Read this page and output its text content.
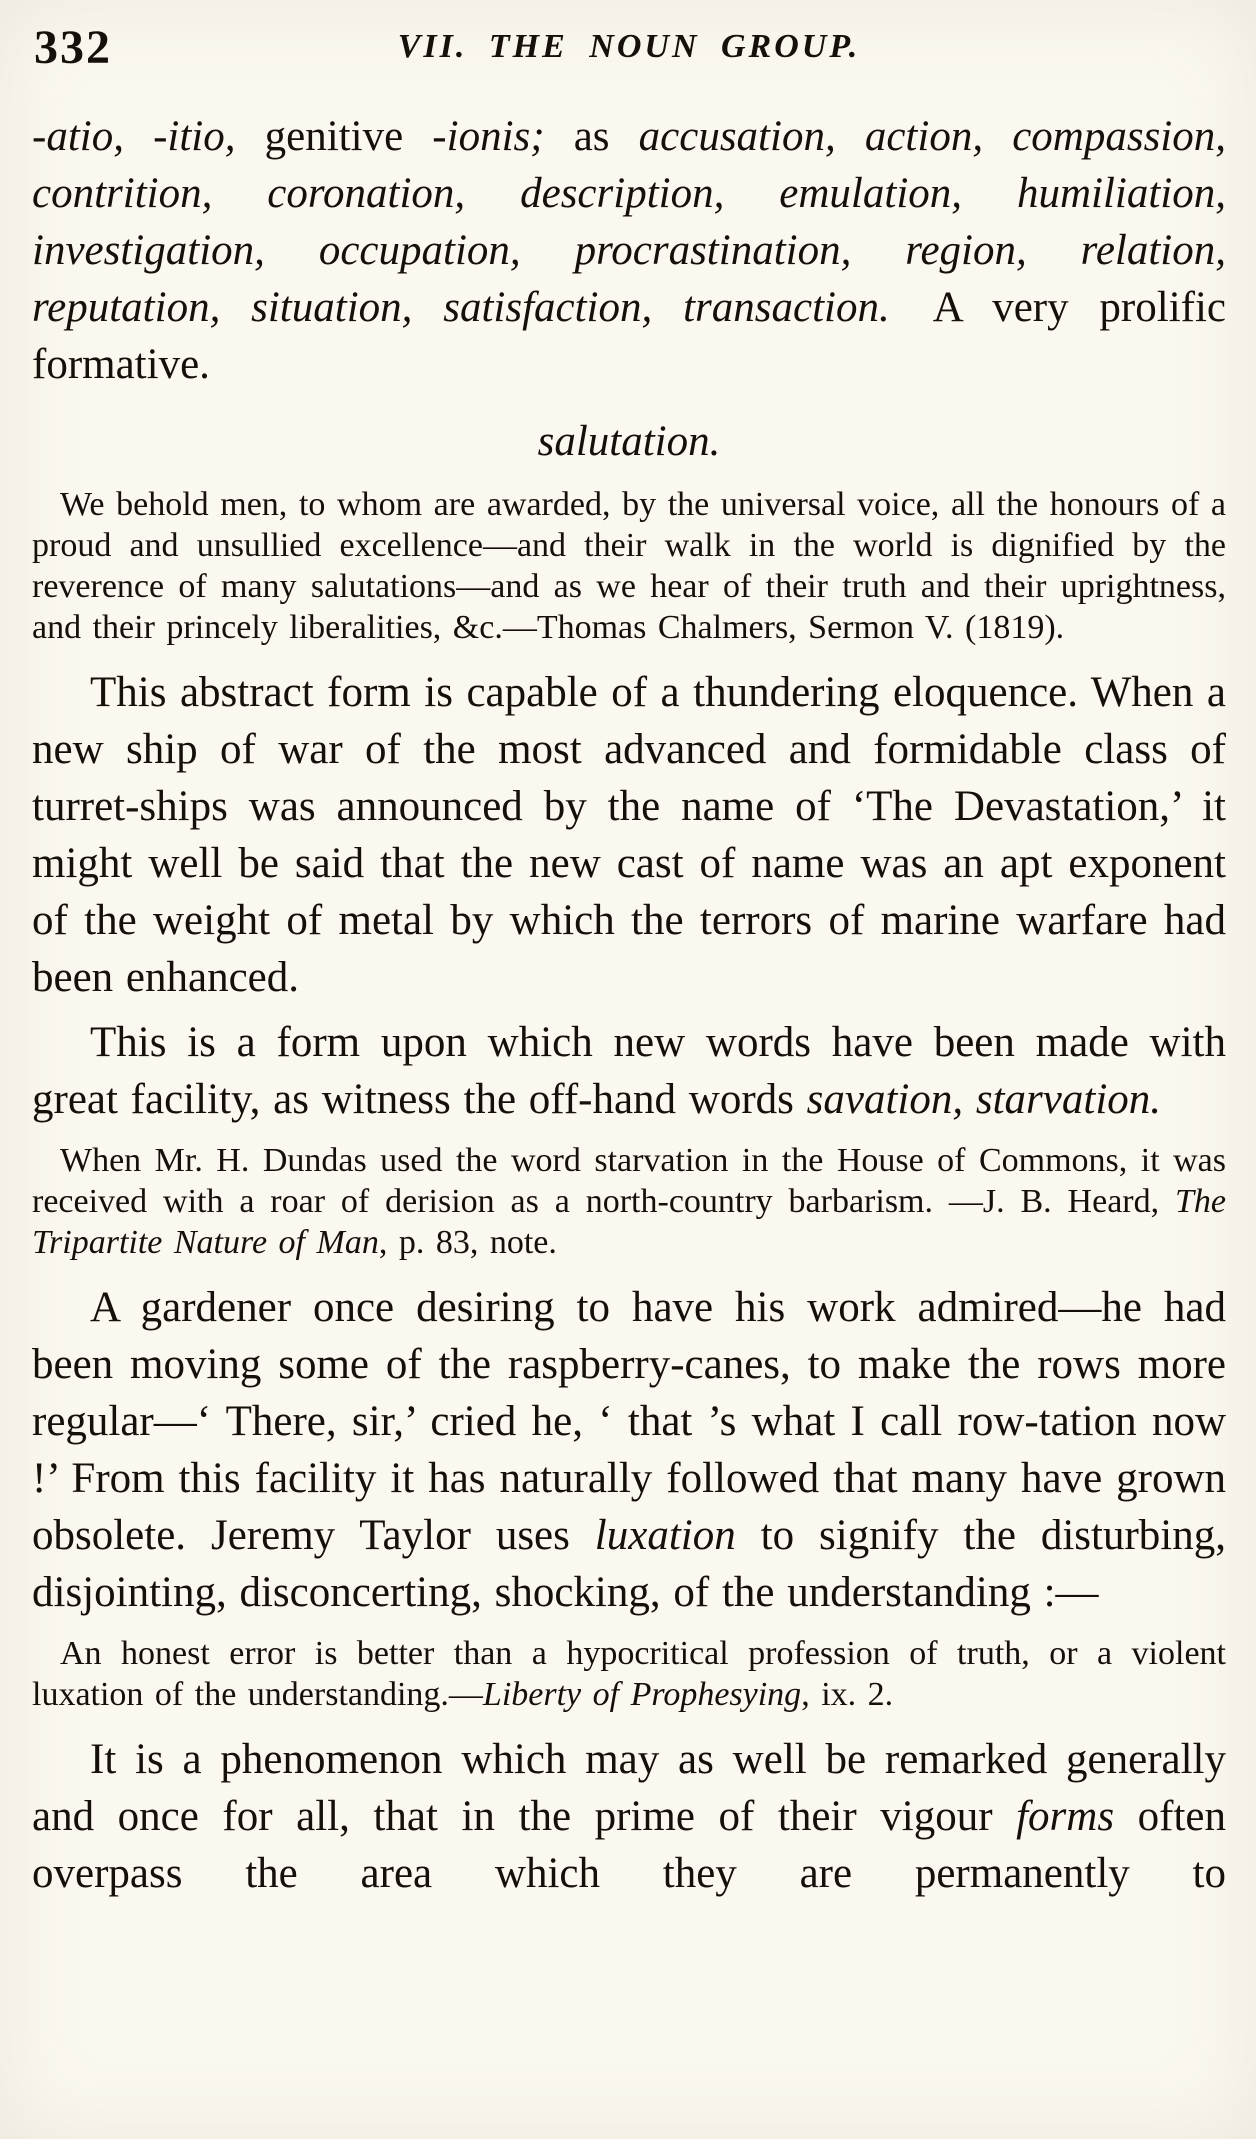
332	VII. THE NOUN GROUP.

-atio, -itio, genitive -ionis; as accusation, action, compassion, contrition, coronation, description, emulation, humiliation, investigation, occupation, procrastination, region, relation, reputation, situation, satisfaction, transaction. A very prolific formative.

salutation.

We behold men, to whom are awarded, by the universal voice, all the honours of a proud and unsullied excellence—and their walk in the world is dignified by the reverence of many salutations—and as we hear of their truth and their uprightness, and their princely liberalities, &c.—Thomas Chalmers, Sermon V. (1819).

This abstract form is capable of a thundering eloquence. When a new ship of war of the most advanced and formidable class of turret-ships was announced by the name of ‘The Devastation,’ it might well be said that the new cast of name was an apt exponent of the weight of metal by which the terrors of marine warfare had been enhanced.

This is a form upon which new words have been made with great facility, as witness the off-hand words savation, starvation.

When Mr. H. Dundas used the word starvation in the House of Commons, it was received with a roar of derision as a north-country barbarism. —J. B. Heard, The Tripartite Nature of Man, p. 83, note.

A gardener once desiring to have his work admired—he had been moving some of the raspberry-canes, to make the rows more regular—‘ There, sir,’ cried he, ‘ that ’s what I call row-tation now !’ From this facility it has naturally followed that many have grown obsolete. Jeremy Taylor uses luxation to signify the disturbing, disjointing, disconcerting, shocking, of the understanding :—

An honest error is better than a hypocritical profession of truth, or a violent luxation of the understanding.—Liberty of Prophesying, ix. 2.

It is a phenomenon which may as well be remarked generally and once for all, that in the prime of their vigour forms often overpass the area which they are permanently to
